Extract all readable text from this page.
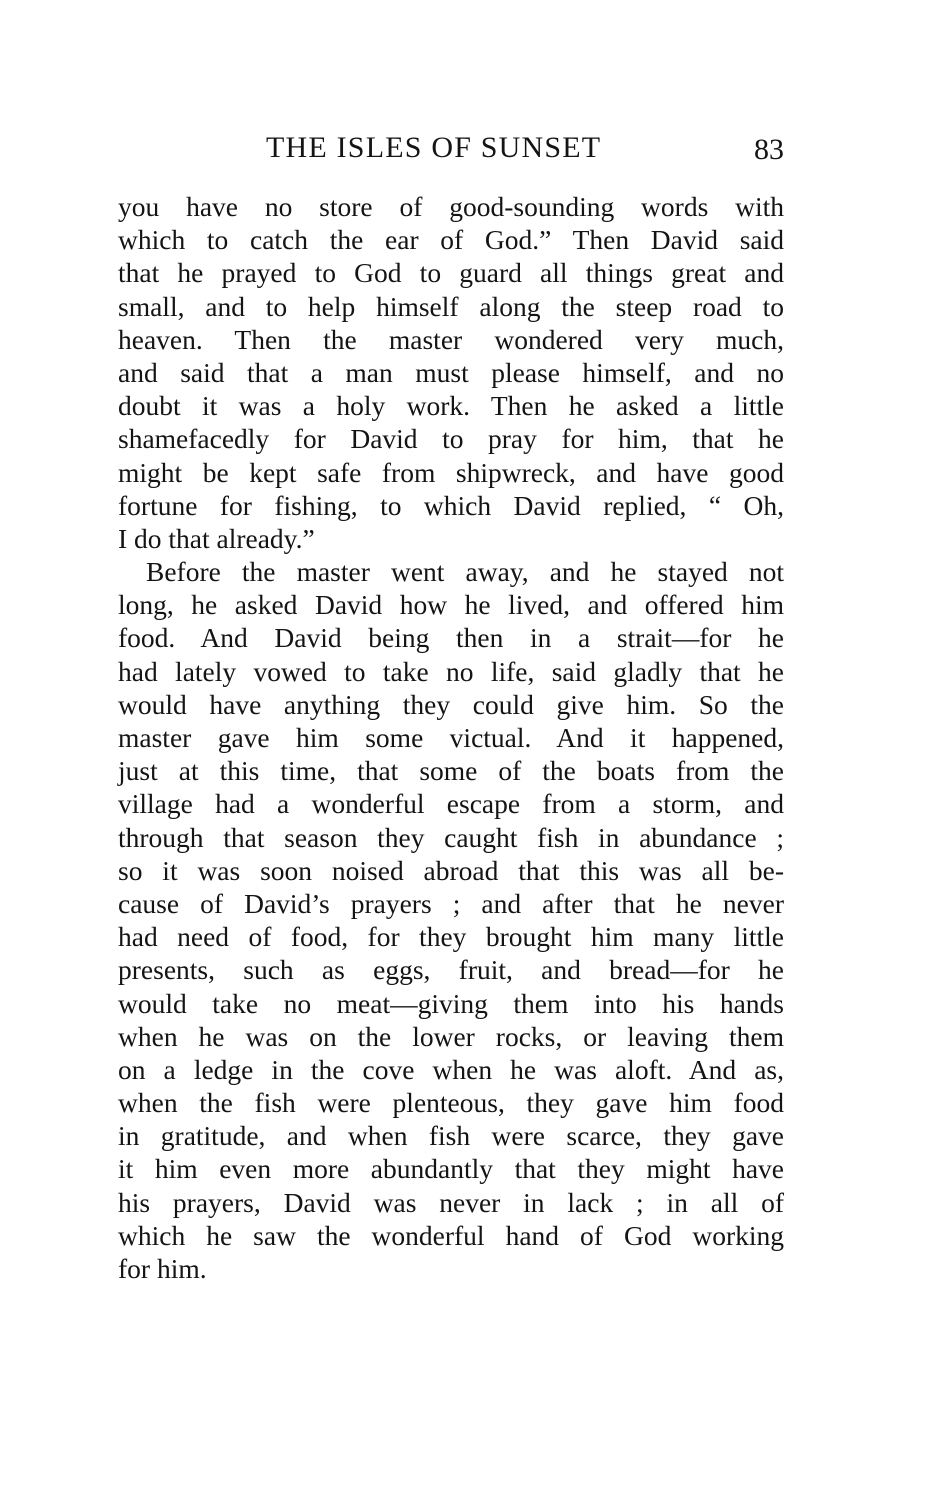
THE ISLES OF SUNSET	83
you have no store of good-sounding words with
which to catch the ear of God.” Then David said
that he prayed to God to guard all things great and
small, and to help himself along the steep road to
heaven. Then the master wondered very much,
and said that a man must please himself, and no
doubt it was a holy work. Then he asked a little
shamefacedly for David to pray for him, that he
might be kept safe from shipwreck, and have good
fortune for fishing, to which David replied, “ Oh,
I do that already.”
Before the master went away, and he stayed not
long, he asked David how he lived, and offered him
food. And David being then in a strait—for he
had lately vowed to take no life, said gladly that he
would have anything they could give him. So the
master gave him some victual. And it happened,
just at this time, that some of the boats from the
village had a wonderful escape from a storm, and
through that season they caught fish in abundance ;
so it was soon noised abroad that this was all be-
cause of David’s prayers ; and after that he never
had need of food, for they brought him many little
presents, such as eggs, fruit, and bread—for he
would take no meat—giving them into his hands
when he was on the lower rocks, or leaving them
on a ledge in the cove when he was aloft. And as,
when the fish were plenteous, they gave him food
in gratitude, and when fish were scarce, they gave
it him even more abundantly that they might have
his prayers, David was never in lack ; in all of
which he saw the wonderful hand of God working
for him.
